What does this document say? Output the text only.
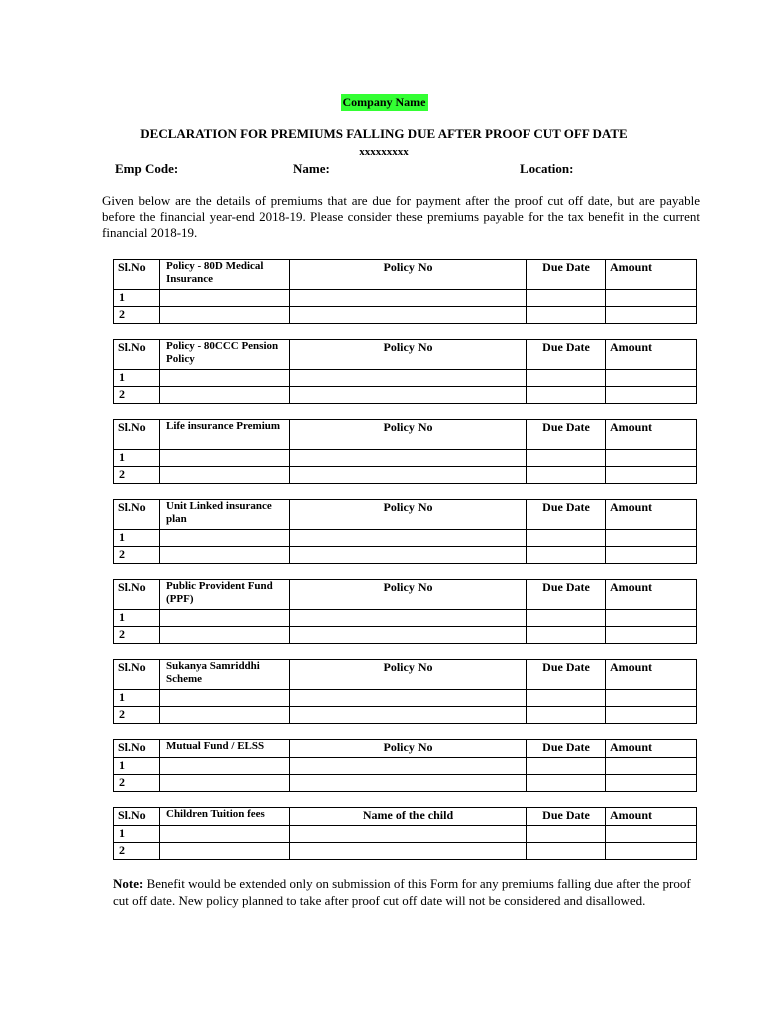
Company Name
DECLARATION FOR PREMIUMS FALLING DUE AFTER PROOF CUT OFF DATE
xxxxxxxxx
Emp Code:	Name:	Location:
Given below are the details of premiums that are due for payment after the proof cut off date, but are payable before the financial year-end 2018-19. Please consider these premiums payable for the tax benefit in the current financial 2018-19.
Sl.No	Policy - 80D Medical Insurance	Policy No	Due Date	Amount
1				
2				
Sl.No	Policy - 80CCC Pension Policy	Policy No	Due Date	Amount
1				
2				
Sl.No	Life insurance Premium	Policy No	Due Date	Amount
1				
2				
Sl.No	Unit Linked insurance plan	Policy No	Due Date	Amount
1				
2				
Sl.No	Public Provident Fund (PPF)	Policy No	Due Date	Amount
1				
2				
Sl.No	Sukanya Samriddhi Scheme	Policy No	Due Date	Amount
1				
2				
Sl.No	Mutual Fund / ELSS	Policy No	Due Date	Amount
1				
2				
Sl.No	Children Tuition fees	Name of the child	Due Date	Amount
1				
2				
Note: Benefit would be extended only on submission of this Form for any premiums falling due after the proof cut off date. New policy planned to take after proof cut off date will not be considered and disallowed.
